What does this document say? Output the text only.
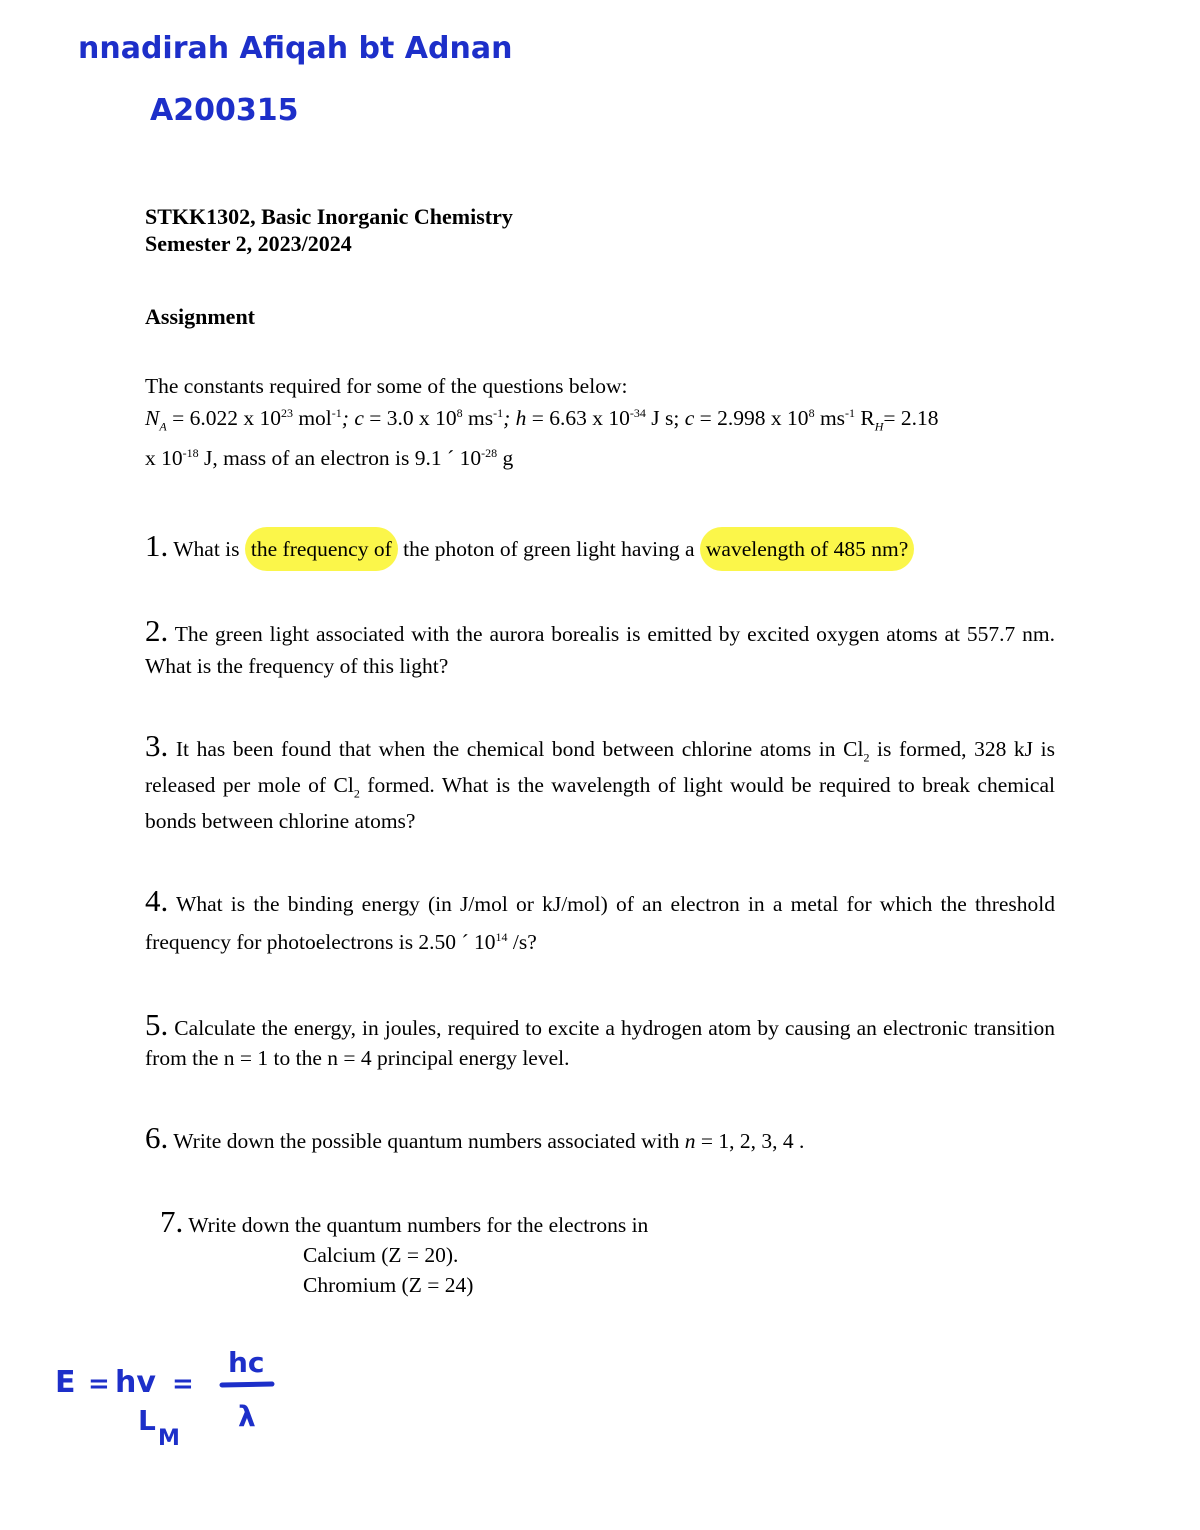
nnadirah Afiqah bt Adnan
A200315
E = hv =
hc
λ
L
M
STKK1302, Basic Inorganic Chemistry
Semester 2, 2023/2024
Assignment
The constants required for some of the questions below:
$N_A = 6.022$ x $10^{23}$ mol$^{-1}$; c = 3.0 x $10^8$ $ms^{-1}$; h = 6.63 x $10^{-34}$ J s; c = 2.998 x $10^8$ $ms^{-1}$ $R_H= 2.18$
x $10^{-18}$ J, mass of an electron is 9.1 ´ $10^{-28}$ g
1. What is the frequency of the photon of green light having a wavelength of 485 nm?
2. The green light associated with the aurora borealis is emitted by excited oxygen atoms at 557.7 nm. What is the frequency of this light?
3. It has been found that when the chemical bond between chlorine atoms in $Cl_2$ is formed, 328 kJ is released per mole of $Cl_2$ formed. What is the wavelength of light would be required to break chemical bonds between chlorine atoms?
4. What is the binding energy (in J/mol or kJ/mol) of an electron in a metal for which the threshold frequency for photoelectrons is 2.50 ´ $10^{14}$ /s?
5. Calculate the energy, in joules, required to excite a hydrogen atom by causing an electronic transition from the n = 1 to the n = 4 principal energy level.
6. Write down the possible quantum numbers associated with n = 1, 2, 3, 4 .
7. Write down the quantum numbers for the electrons in
Calcium (Z = 20).
Chromium (Z = 24)
